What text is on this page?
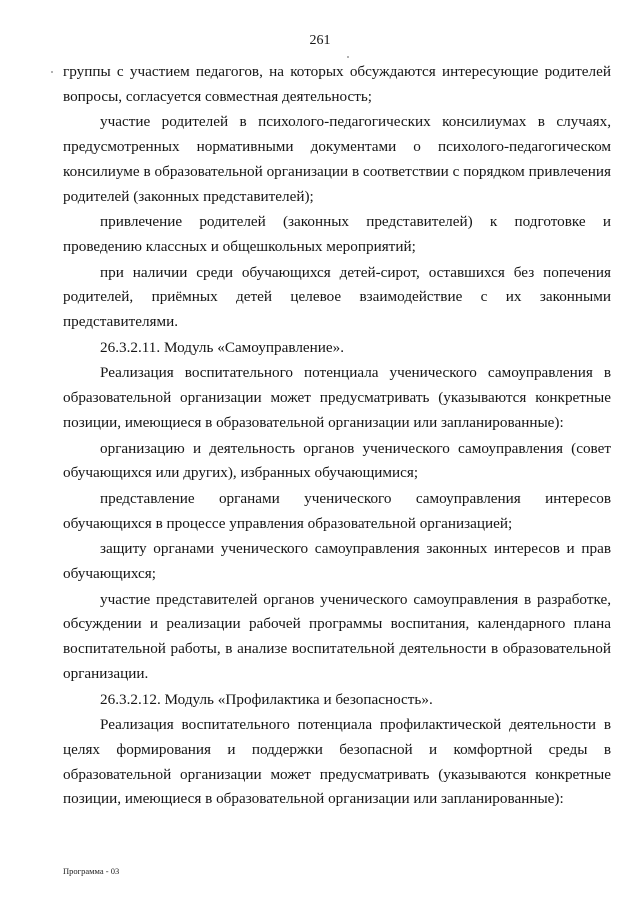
261

группы с участием педагогов, на которых обсуждаются интересующие родителей вопросы, согласуется совместная деятельность;

участие родителей в психолого-педагогических консилиумах в случаях, предусмотренных нормативными документами о психолого-педагогическом консилиуме в образовательной организации в соответствии с порядком привлечения родителей (законных представителей);

привлечение родителей (законных представителей) к подготовке и проведению классных и общешкольных мероприятий;

при наличии среди обучающихся детей-сирот, оставшихся без попечения родителей, приёмных детей целевое взаимодействие с их законными представителями.

26.3.2.11. Модуль «Самоуправление».

Реализация воспитательного потенциала ученического самоуправления в образовательной организации может предусматривать (указываются конкретные позиции, имеющиеся в образовательной организации или запланированные):

организацию и деятельность органов ученического самоуправления (совет обучающихся или других), избранных обучающимися;

представление органами ученического самоуправления интересов обучающихся в процессе управления образовательной организацией;

защиту органами ученического самоуправления законных интересов и прав обучающихся;

участие представителей органов ученического самоуправления в разработке, обсуждении и реализации рабочей программы воспитания, календарного плана воспитательной работы, в анализе воспитательной деятельности в образовательной организации.

26.3.2.12. Модуль «Профилактика и безопасность».

Реализация воспитательного потенциала профилактической деятельности в целях формирования и поддержки безопасной и комфортной среды в образовательной организации может предусматривать (указываются конкретные позиции, имеющиеся в образовательной организации или запланированные):

Программа - 03
